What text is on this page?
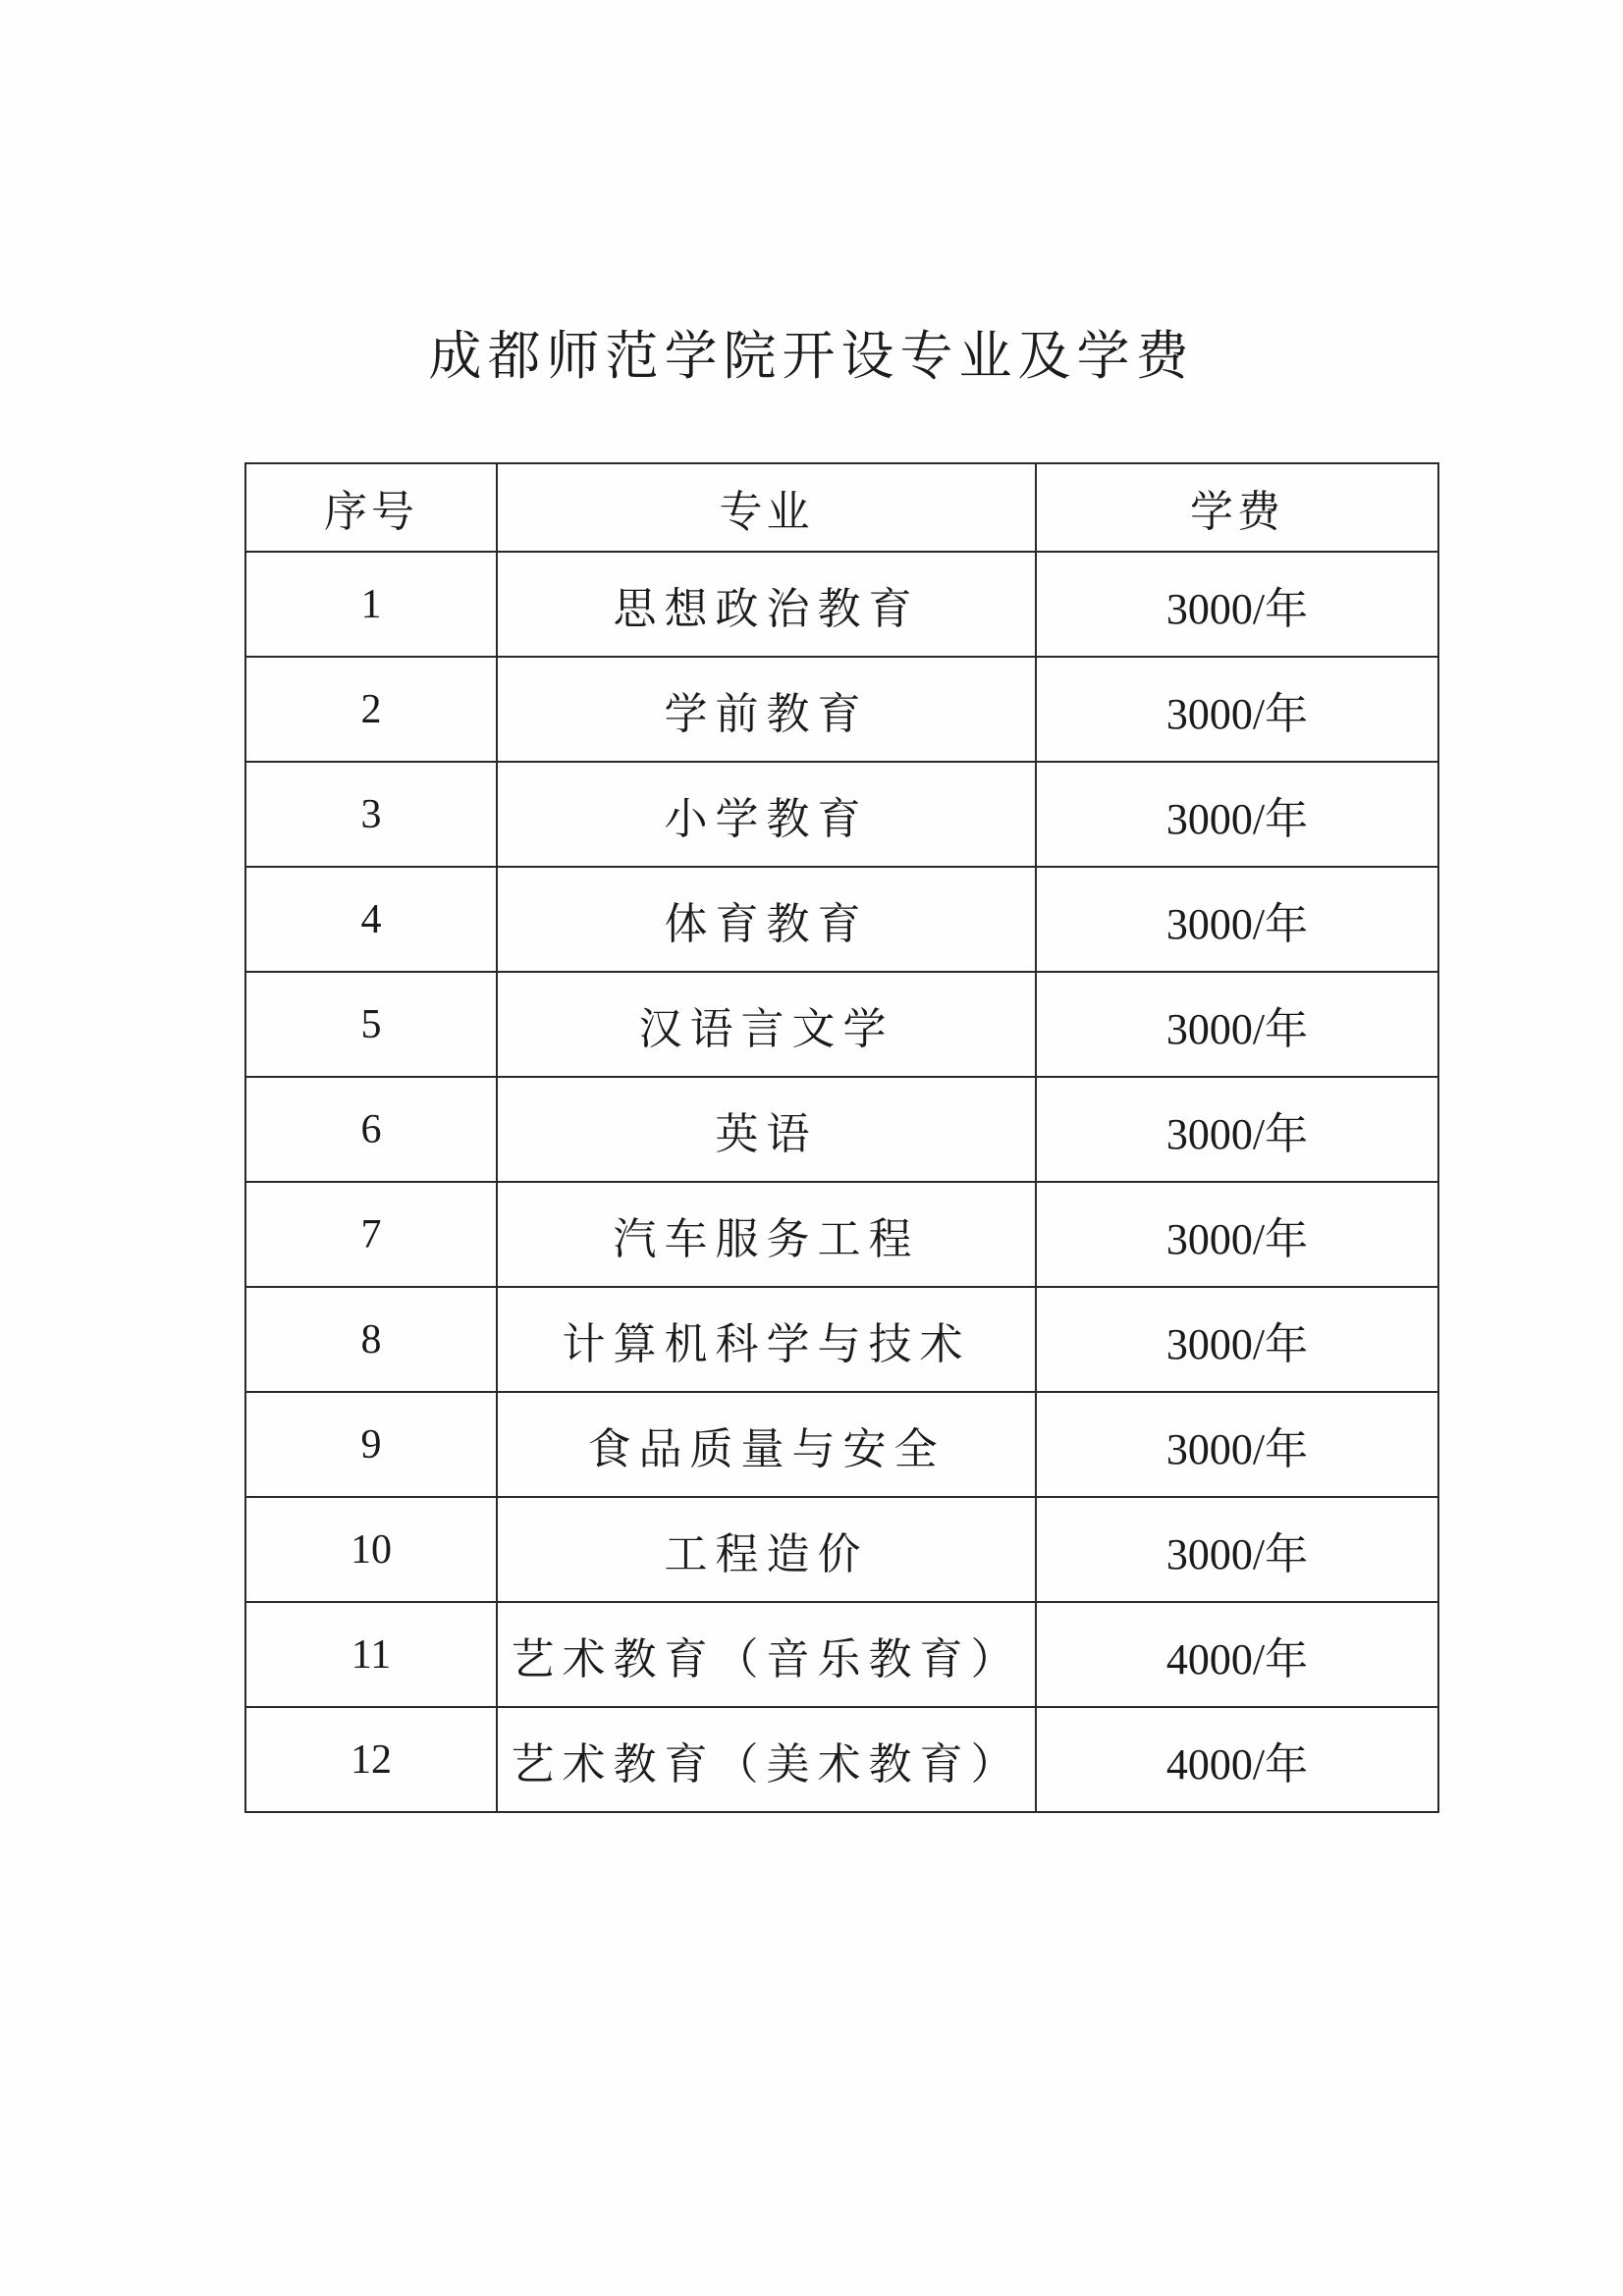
成都师范学院开设专业及学费
序号	专业	学费
1	思想政治教育	3000/年
2	学前教育	3000/年
3	小学教育	3000/年
4	体育教育	3000/年
5	汉语言文学	3000/年
6	英语	3000/年
7	汽车服务工程	3000/年
8	计算机科学与技术	3000/年
9	食品质量与安全	3000/年
10	工程造价	3000/年
11	艺术教育（音乐教育）	4000/年
12	艺术教育（美术教育）	4000/年
